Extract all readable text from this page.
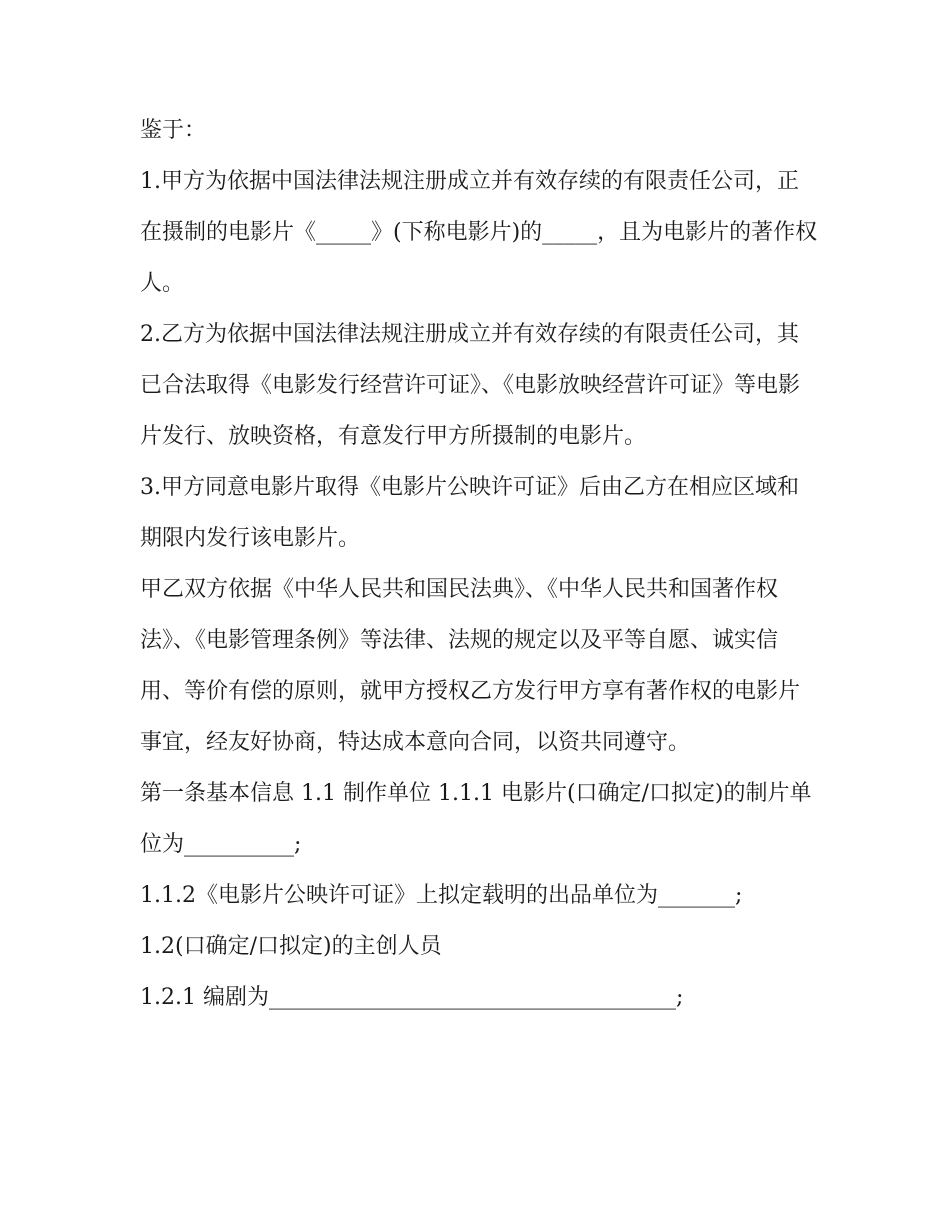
鉴于：

1.甲方为依据中国法律法规注册成立并有效存续的有限责任公司，正在摄制的电影片《_____》(下称电影片)的_____，且为电影片的著作权人。

2.乙方为依据中国法律法规注册成立并有效存续的有限责任公司，其已合法取得《电影发行经营许可证》、《电影放映经营许可证》等电影片发行、放映资格，有意发行甲方所摄制的电影片。

3.甲方同意电影片取得《电影片公映许可证》后由乙方在相应区域和期限内发行该电影片。

甲乙双方依据《中华人民共和国民法典》、《中华人民共和国著作权法》、《电影管理条例》等法律、法规的规定以及平等自愿、诚实信用、等价有偿的原则，就甲方授权乙方发行甲方享有著作权的电影片事宜，经友好协商，特达成本意向合同，以资共同遵守。

第一条基本信息 1.1 制作单位 1.1.1 电影片(口确定/口拟定)的制片单位为__________;

1.1.2《电影片公映许可证》上拟定载明的出品单位为_______;

1.2(口确定/口拟定)的主创人员

1.2.1 编剧为_____________________________________;
